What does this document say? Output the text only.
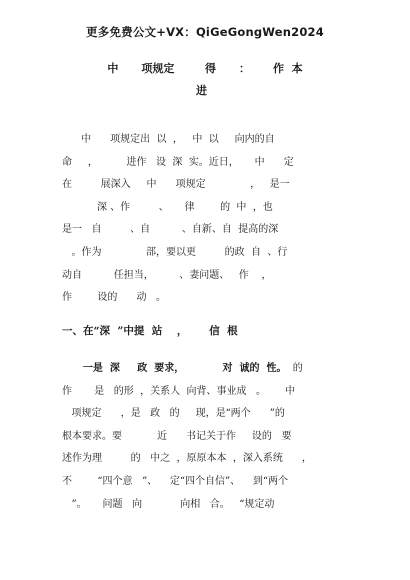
更多免费公文+VX：QiGeGongWen2024
中      项规定        得      ：      作  本
进
中      项规定出  以  ，   中  以     向内的自
命     ，         进作   设  深  实。近日，     中      定
在         展深入     中      项规定              ，   是一
深 、作         、     律        的  中  ，也
是一   自         、自          、自新、自  提高的深
。作为              部，要以更         的政  自  、行
动自          任担当，        、妻问题、   作    ，
作        设的      动   。
一、在“深  ”中提  站    ，      信  根
一是  深     政  要求，           对  诚的  性。  的
作       是   的形  ，关系人  向背、事业成   。      中
项规定      ，是   政   的     现，是“两个      ”的
根本要求。要           近      书记关于作     设的   要
述作为理         的   中之  ，原原本本  ，深入系统      ，
不        “四个意   ”、    定“四个自信”、    到“两个
”。     问题   向            向相   合。   “规定动
